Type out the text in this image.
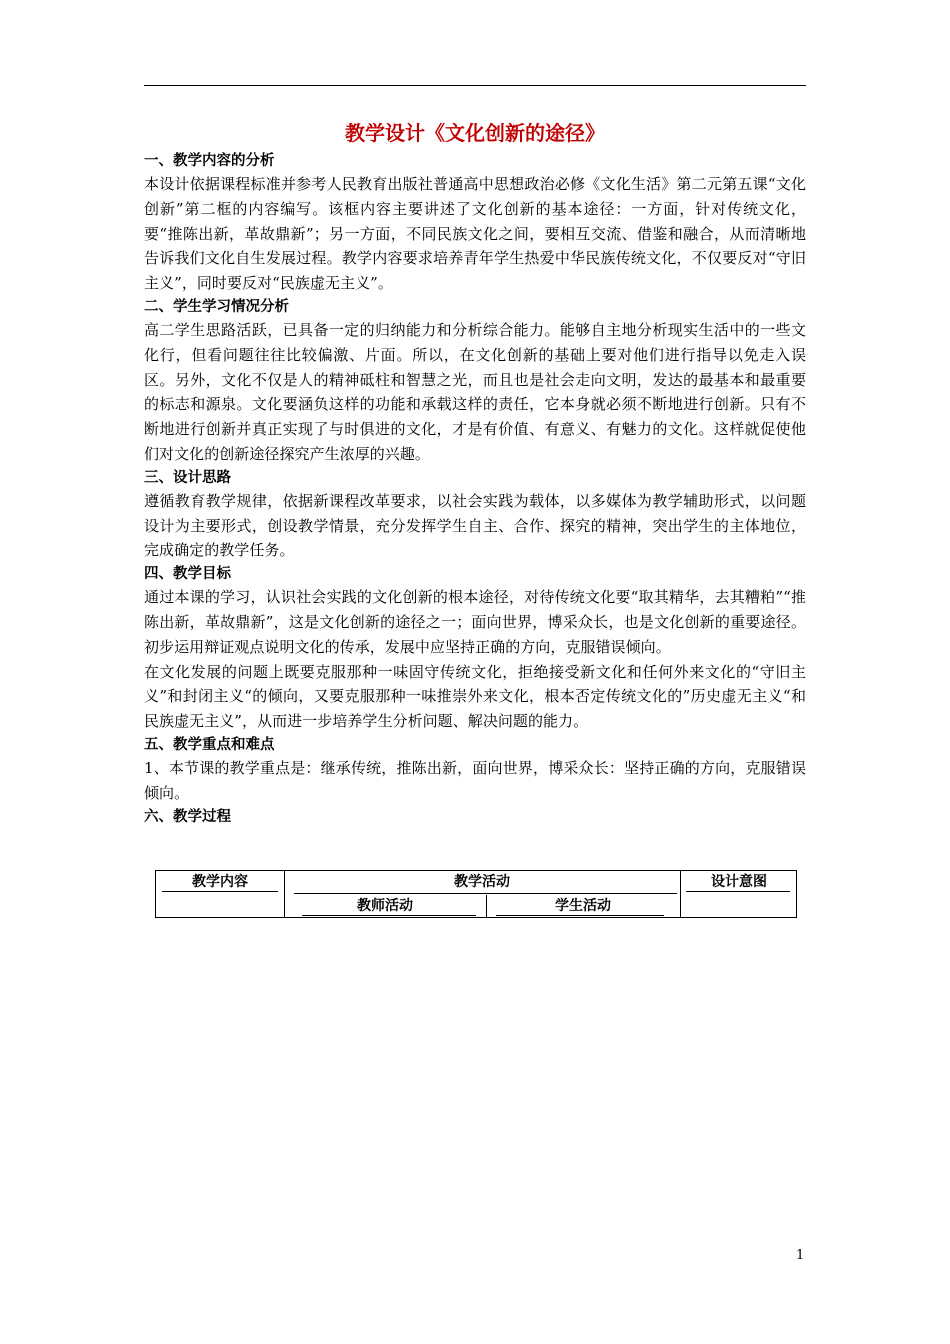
教学设计《文化创新的途径》
一、教学内容的分析

本设计依据课程标准并参考人民教育出版社普通高中思想政治必修《文化生活》第二元第五课“文化创新”第二框的内容编写。该框内容主要讲述了文化创新的基本途径：一方面，针对传统文化，要“推陈出新，革故鼎新”；另一方面，不同民族文化之间，要相互交流、借鉴和融合，从而清晰地告诉我们文化自生发展过程。教学内容要求培养青年学生热爱中华民族传统文化，不仅要反对“守旧主义”，同时要反对“民族虚无主义”。

二、学生学习情况分析

高二学生思路活跃，已具备一定的归纳能力和分析综合能力。能够自主地分析现实生活中的一些文化行，但看问题往往比较偏激、片面。所以，在文化创新的基础上要对他们进行指导以免走入误区。另外，文化不仅是人的精神砥柱和智慧之光，而且也是社会走向文明，发达的最基本和最重要的标志和源泉。文化要涵负这样的功能和承载这样的责任，它本身就必须不断地进行创新。只有不断地进行创新并真正实现了与时俱进的文化，才是有价值、有意义、有魅力的文化。这样就促使他们对文化的创新途径探究产生浓厚的兴趣。

三、设计思路

遵循教育教学规律，依据新课程改革要求，以社会实践为载体，以多媒体为教学辅助形式，以问题设计为主要形式，创设教学情景，充分发挥学生自主、合作、探究的精神，突出学生的主体地位，完成确定的教学任务。

四、教学目标

通过本课的学习，认识社会实践的文化创新的根本途径，对待传统文化要“取其精华，去其糟粕”“推陈出新，革故鼎新”，这是文化创新的途径之一；面向世界，博采众长，也是文化创新的重要途径。初步运用辩证观点说明文化的传承，发展中应坚持正确的方向，克服错误倾向。

在文化发展的问题上既要克服那种一味固守传统文化，拒绝接受新文化和任何外来文化的“守旧主义”和封闭主义“的倾向，又要克服那种一味推崇外来文化，根本否定传统文化的”历史虚无主义“和民族虚无主义”，从而进一步培养学生分析问题、解决问题的能力。

五、教学重点和难点

1、本节课的教学重点是：继承传统，推陈出新，面向世界，博采众长：坚持正确的方向，克服错误倾向。

六、教学过程
教学内容	教学活动	设计意图
教师活动	学生活动
1
